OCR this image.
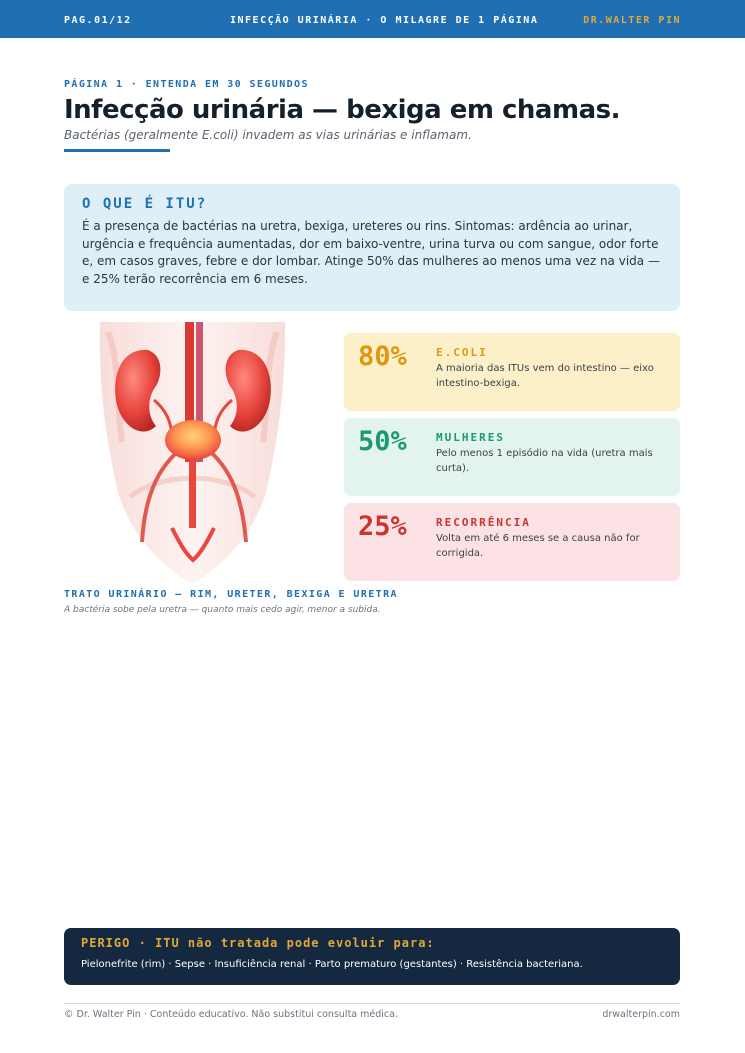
PAG.01/12	INFECÇÃO URINÁRIA · O MILAGRE DE 1 PÁGINA	DR.WALTER PIN
PÁGINA 1 · ENTENDA EM 30 SEGUNDOS
Infecção urinária — bexiga em chamas.
Bactérias (geralmente E.coli) invadem as vias urinárias e inflamam.
O QUE É ITU?

É a presença de bactérias na uretra, bexiga, ureteres ou rins. Sintomas: ardência ao urinar, urgência e frequência aumentadas, dor em baixo-ventre, urina turva ou com sangue, odor forte e, em casos graves, febre e dor lombar. Atinge 50% das mulheres ao menos uma vez na vida — e 25% terão recorrência em 6 meses.

80%	E.COLI
A maioria das ITUs vem do intestino — eixo intestino-bexiga.
50%	MULHERES
Pelo menos 1 episódio na vida (uretra mais curta).
25%	RECORRÊNCIA
Volta em até 6 meses se a causa não for corrigida.
TRATO URINÁRIO — RIM, URETER, BEXIGA E URETRA
A bactéria sobe pela uretra — quanto mais cedo agir, menor a subida.
PERIGO · ITU não tratada pode evoluir para:

Pielonefrite (rim) · Sepse · Insuficiência renal · Parto prematuro (gestantes) · Resistência bacteriana.

© Dr. Walter Pin · Conteúdo educativo. Não substitui consulta médica.	drwalterpin.com
